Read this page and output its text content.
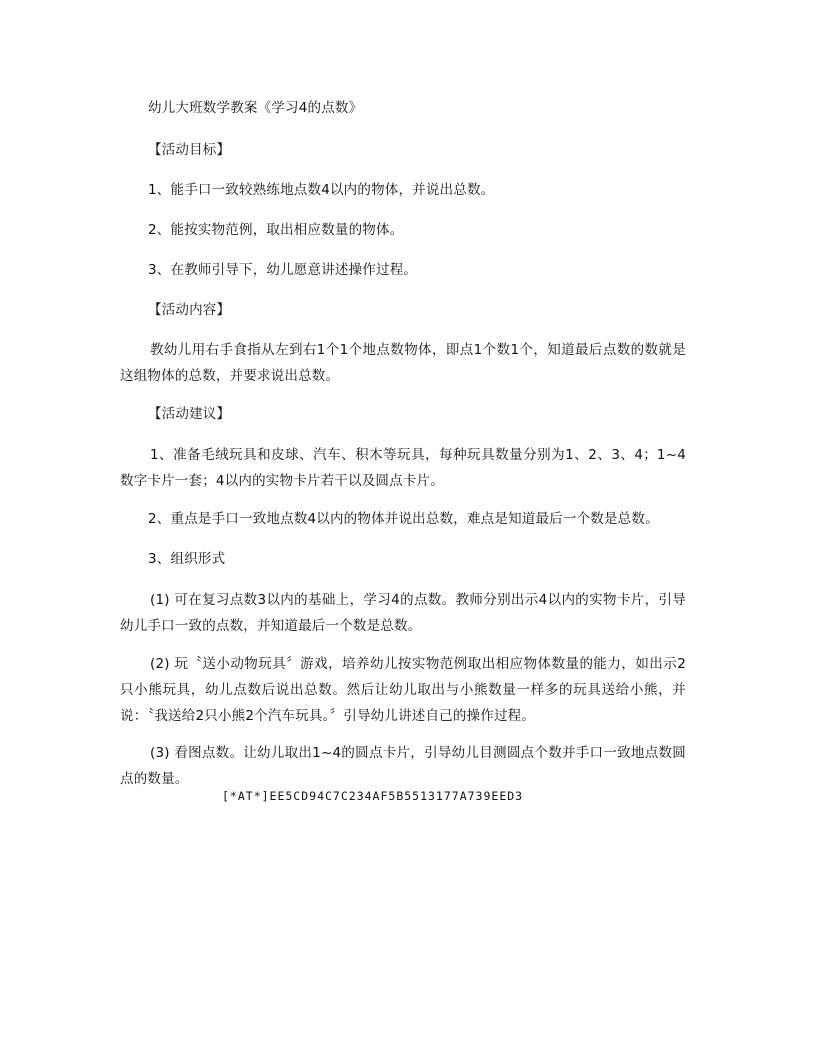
幼儿大班数学教案《学习4的点数》
【活动目标】
1、能手口一致较熟练地点数4以内的物体，并说出总数。
2、能按实物范例，取出相应数量的物体。
3、在教师引导下，幼儿愿意讲述操作过程。
【活动内容】
教幼儿用右手食指从左到右1个1个地点数物体，即点1个数1个，知道最后点数的数就是这组物体的总数，并要求说出总数。
【活动建议】
1、准备毛绒玩具和皮球、汽车、积木等玩具，每种玩具数量分别为1、2、3、4；1~4数字卡片一套；4以内的实物卡片若干以及圆点卡片。
2、重点是手口一致地点数4以内的物体并说出总数，难点是知道最后一个数是总数。
3、组织形式
(1) 可在复习点数3以内的基础上，学习4的点数。教师分别出示4以内的实物卡片，引导幼儿手口一致的点数，并知道最后一个数是总数。
(2) 玩〝送小动物玩具〞游戏，培养幼儿按实物范例取出相应物体数量的能力，如出示2只小熊玩具，幼儿点数后说出总数。然后让幼儿取出与小熊数量一样多的玩具送给小熊，并说：〝我送给2只小熊2个汽车玩具。〞引导幼儿讲述自己的操作过程。
(3) 看图点数。让幼儿取出1~4的圆点卡片，引导幼儿目测圆点个数并手口一致地点数圆点的数量。
[*AT*]EE5CD94C7C234AF5B5513177A739EED3
